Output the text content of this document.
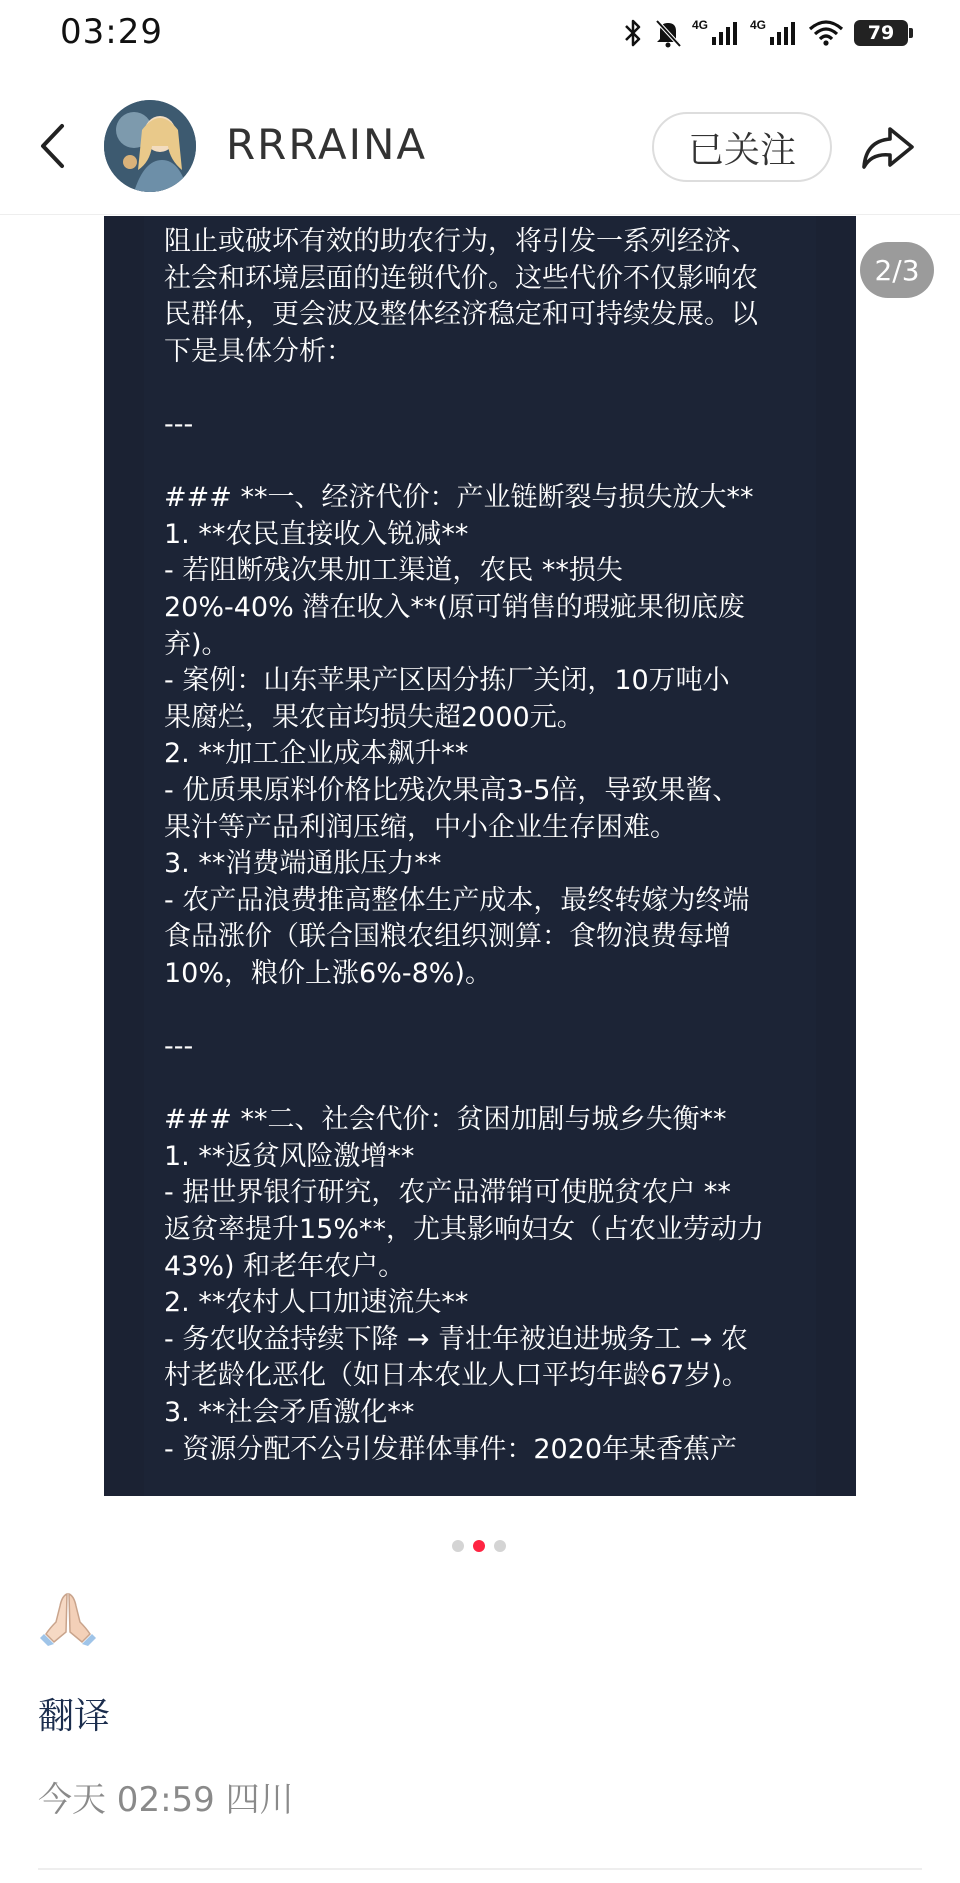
03:29	4G	4G	79
RRRAINA	已关注
阻止或破坏有效的助农行为，将引发一系列经济、
社会和环境层面的连锁代价。这些代价不仅影响农
民群体，更会波及整体经济稳定和可持续发展。以
下是具体分析：
---
### **一、经济代价：产业链断裂与损失放大**
1. **农民直接收入锐减**
- 若阻断残次果加工渠道，农民 **损失
20%-40% 潜在收入**(原可销售的瑕疵果彻底废
弃)。
- 案例：山东苹果产区因分拣厂关闭，10万吨小
果腐烂，果农亩均损失超2000元。
2. **加工企业成本飙升**
- 优质果原料价格比残次果高3-5倍，导致果酱、
果汁等产品利润压缩，中小企业生存困难。
3. **消费端通胀压力**
- 农产品浪费推高整体生产成本，最终转嫁为终端
食品涨价（联合国粮农组织测算：食物浪费每增
10%，粮价上涨6%-8%)。
---
### **二、社会代价：贫困加剧与城乡失衡**
1. **返贫风险激增**
- 据世界银行研究，农产品滞销可使脱贫农户 **
返贫率提升15%**，尤其影响妇女（占农业劳动力
43%) 和老年农户。
2. **农村人口加速流失**
- 务农收益持续下降 → 青壮年被迫进城务工 → 农
村老龄化恶化（如日本农业人口平均年龄67岁)。
3. **社会矛盾激化**
- 资源分配不公引发群体事件：2020年某香蕉产
2/3
翻译
今天 02:59 四川
